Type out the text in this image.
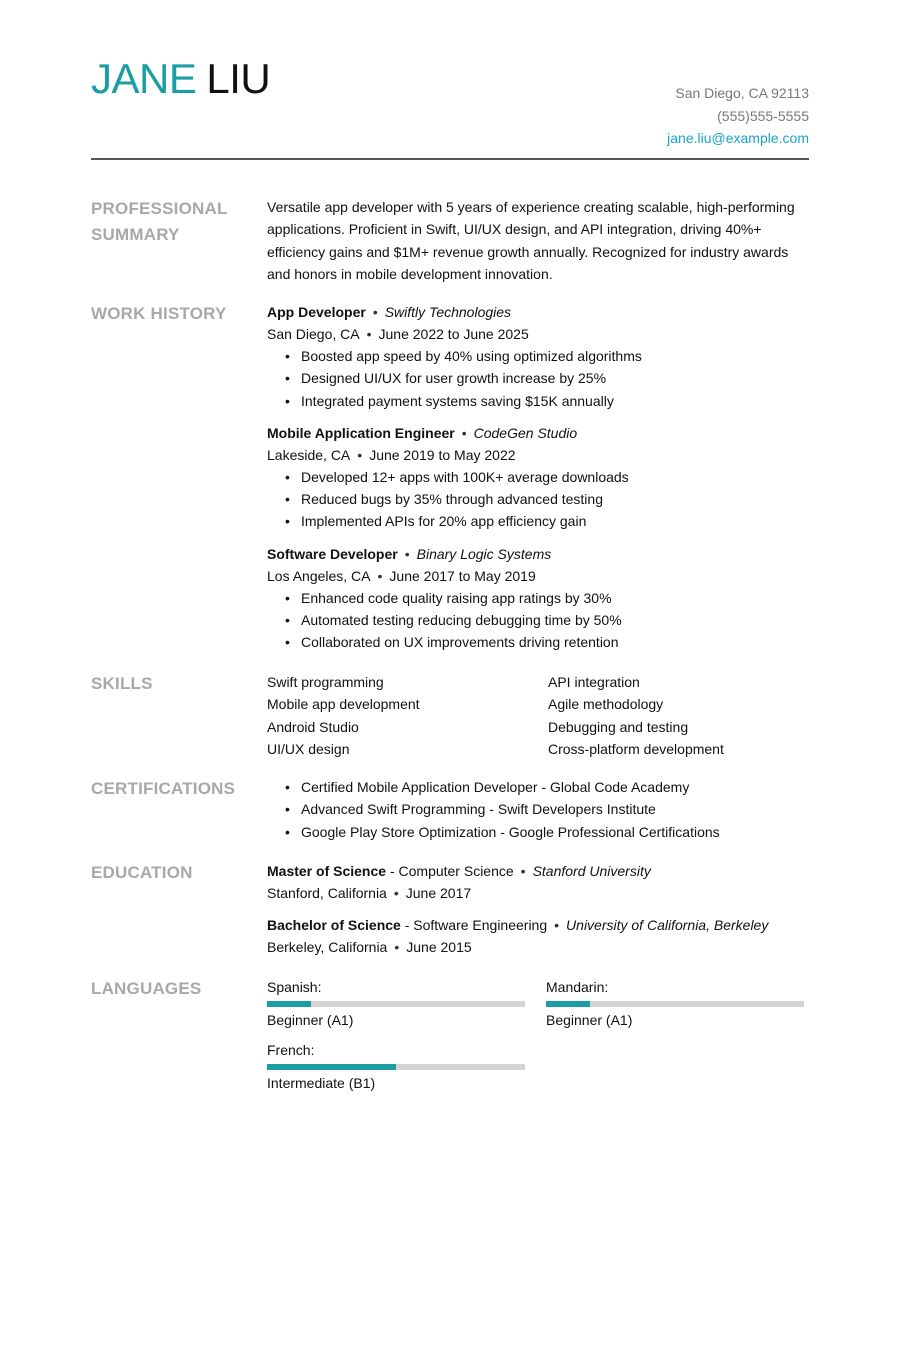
JANE LIU	San Diego, CA 92113
(555)555-5555
jane.liu@example.com
PROFESSIONAL
SUMMARY

Versatile app developer with 5 years of experience creating scalable, high-performing applications. Proficient in Swift, UI/UX design, and API integration, driving 40%+ efficiency gains and $1M+ revenue growth annually. Recognized for industry awards and honors in mobile development innovation.

WORK HISTORY	App Developer • Swiftly Technologies
San Diego, CA • June 2022 to June 2025
• Boosted app speed by 40% using optimized algorithms
• Designed UI/UX for user growth increase by 25%
• Integrated payment systems saving $15K annually
Mobile Application Engineer • CodeGen Studio
Lakeside, CA • June 2019 to May 2022
• Developed 12+ apps with 100K+ average downloads
• Reduced bugs by 35% through advanced testing
• Implemented APIs for 20% app efficiency gain
Software Developer • Binary Logic Systems
Los Angeles, CA • June 2017 to May 2019
• Enhanced code quality raising app ratings by 30%
• Automated testing reducing debugging time by 50%
• Collaborated on UX improvements driving retention
SKILLS	Swift programming	API integration
Mobile app development	Agile methodology
Android Studio	Debugging and testing
UI/UX design	Cross-platform development
CERTIFICATIONS
•	Certified Mobile Application Developer - Global Code Academy
• Advanced Swift Programming - Swift Developers Institute
• Google Play Store Optimization - Google Professional Certifications
EDUCATION	Master of Science - Computer Science • Stanford University
Stanford, California • June 2017
Bachelor of Science - Software Engineering • University of California, Berkeley
Berkeley, California • June 2015
LANGUAGES	Spanish:
Beginner (A1)
Mandarin:
Beginner (A1)
French:
Intermediate (B1)
